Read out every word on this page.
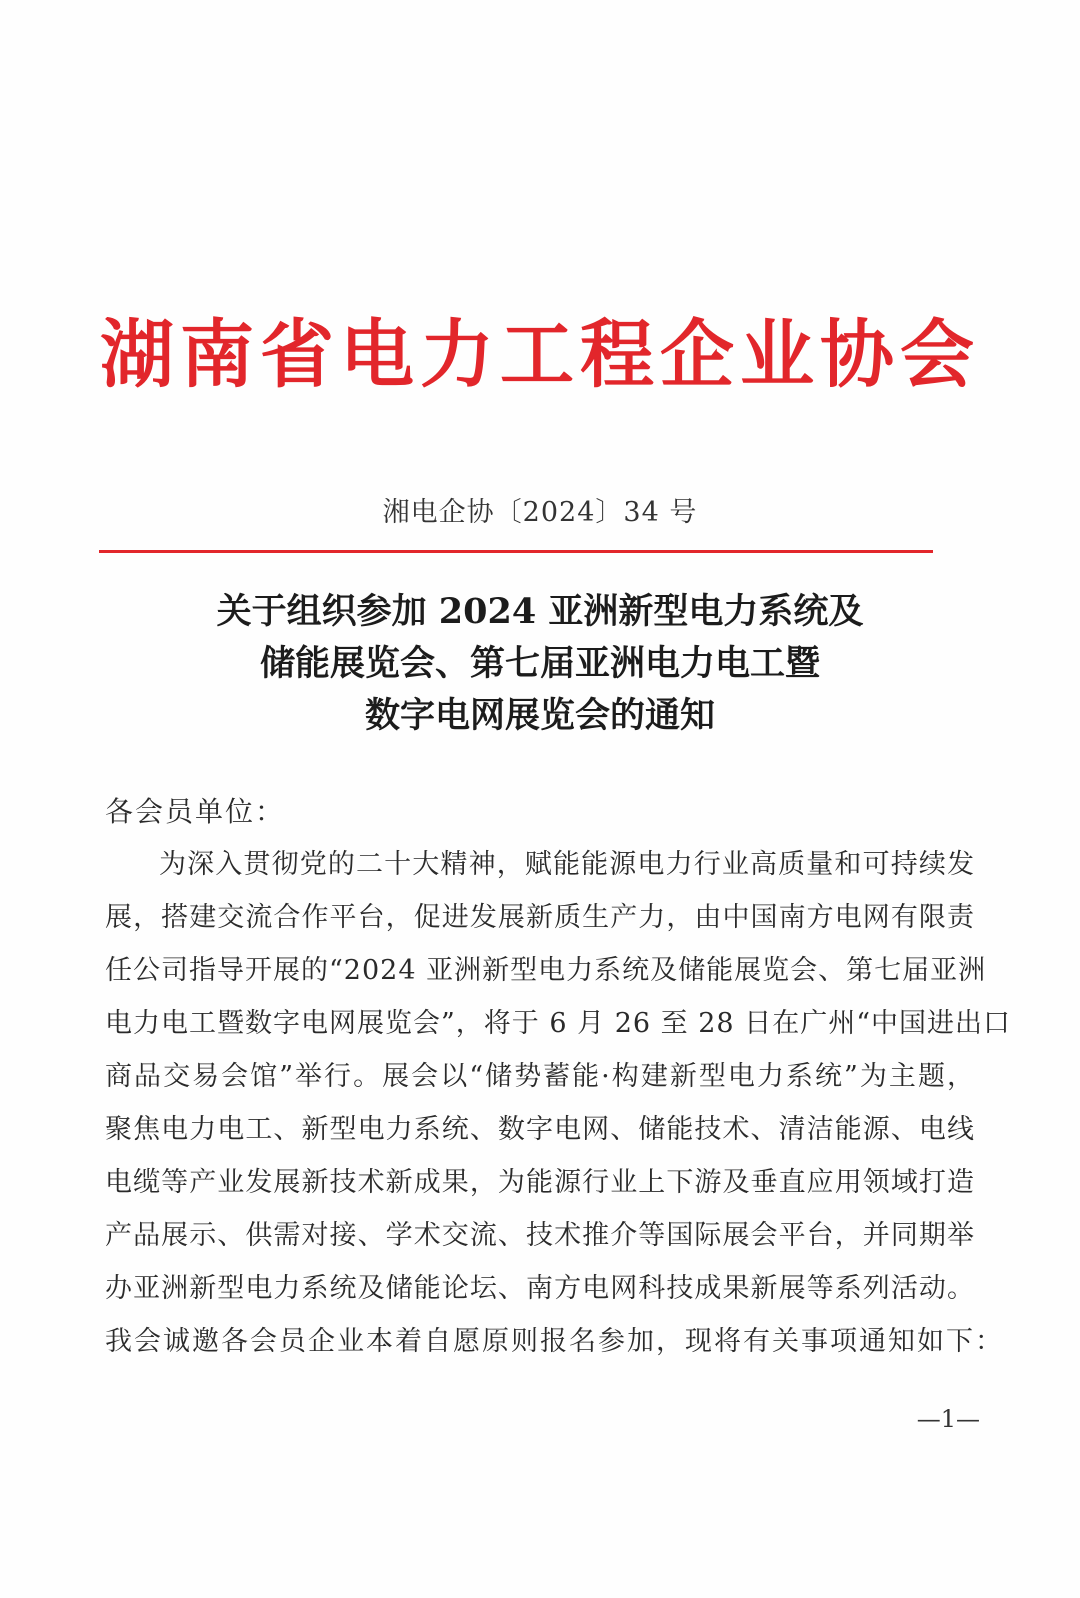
湖南省电力工程企业协会
湘电企协〔2024〕34 号
关于组织参加 2024 亚洲新型电力系统及
储能展览会、第七届亚洲电力电工暨
数字电网展览会的通知
各会员单位：
为深入贯彻党的二十大精神，赋能能源电力行业高质量和可持续发
展，搭建交流合作平台，促进发展新质生产力，由中国南方电网有限责
任公司指导开展的“2024 亚洲新型电力系统及储能展览会、第七届亚洲
电力电工暨数字电网展览会”，将于 6 月 26 至 28 日在广州“中国进出口
商品交易会馆”举行。展会以“储势蓄能·构建新型电力系统”为主题，
聚焦电力电工、新型电力系统、数字电网、储能技术、清洁能源、电线
电缆等产业发展新技术新成果，为能源行业上下游及垂直应用领域打造
产品展示、供需对接、学术交流、技术推介等国际展会平台，并同期举
办亚洲新型电力系统及储能论坛、南方电网科技成果新展等系列活动。
我会诚邀各会员企业本着自愿原则报名参加，现将有关事项通知如下：
—1—
